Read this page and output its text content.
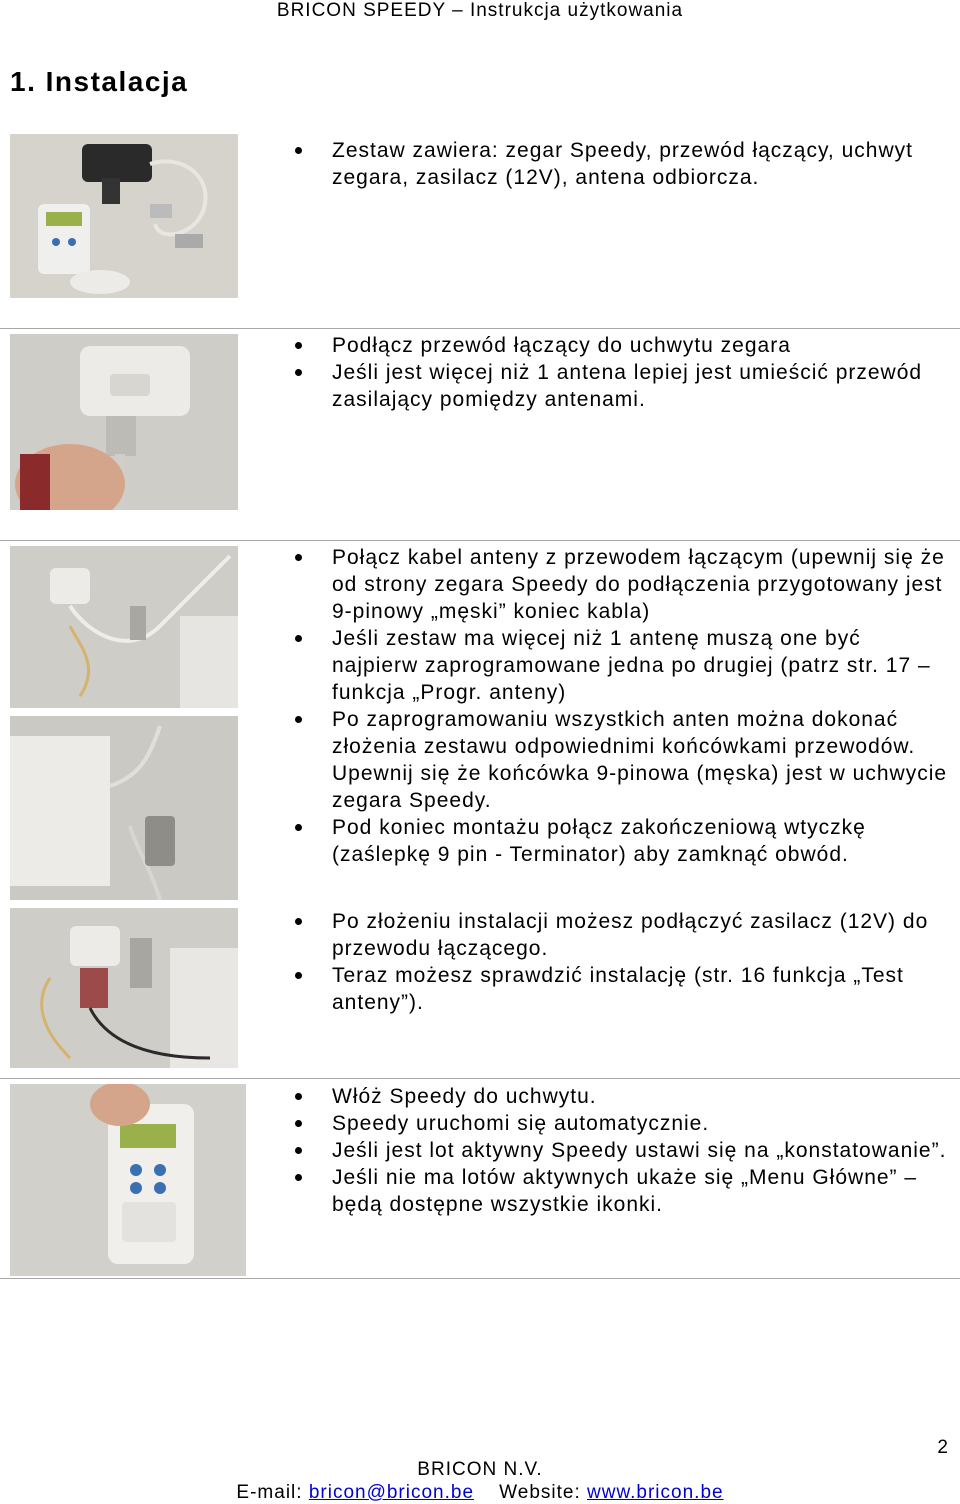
BRICON SPEEDY – Instrukcja użytkowania
1. Instalacja
Zestaw zawiera: zegar Speedy, przewód łączący, uchwyt zegara, zasilacz (12V), antena odbiorcza.
Podłącz przewód łączący do uchwytu zegara
Jeśli jest więcej niż 1 antena lepiej jest umieścić przewód zasilający pomiędzy antenami.
Połącz kabel anteny z przewodem łączącym (upewnij się że od strony zegara Speedy do podłączenia przygotowany jest 9-pinowy „męski” koniec kabla)
Jeśli zestaw ma więcej niż 1 antenę muszą one być najpierw zaprogramowane jedna po drugiej (patrz str. 17 – funkcja „Progr. anteny)
Po zaprogramowaniu wszystkich anten można dokonać złożenia zestawu odpowiednimi końcówkami przewodów. Upewnij się że końcówka 9-pinowa (męska) jest w uchwycie zegara Speedy.
Pod koniec montażu połącz zakończeniową wtyczkę (zaślepkę 9 pin - Terminator) aby zamknąć obwód.
Po złożeniu instalacji możesz podłączyć zasilacz (12V) do przewodu łączącego.
Teraz możesz sprawdzić instalację (str. 16 funkcja „Test anteny”).
Włóż Speedy do uchwytu.
Speedy uruchomi się automatycznie.
Jeśli jest lot aktywny Speedy ustawi się na „konstatowanie”.
Jeśli nie ma lotów aktywnych ukaże się „Menu Główne” – będą dostępne wszystkie ikonki.
2
BRICON N.V.
E-mail: bricon@bricon.be Website: www.bricon.be
